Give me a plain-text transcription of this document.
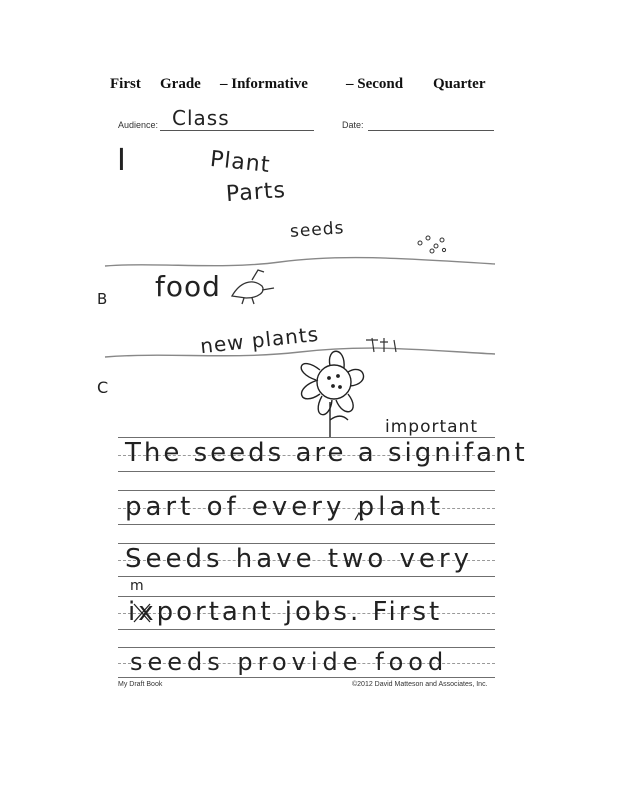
First Grade – Informative	– Second Quarter
Audience: Class	Date:
I	Plant
Parts
seeds
B food
new plants
C
important
The seeds are a signifant
part of every plant
Seeds have two very
m
ixportant jobs. First
seeds provide food
My Draft Book	©2012 David Matteson and Associates, Inc.
